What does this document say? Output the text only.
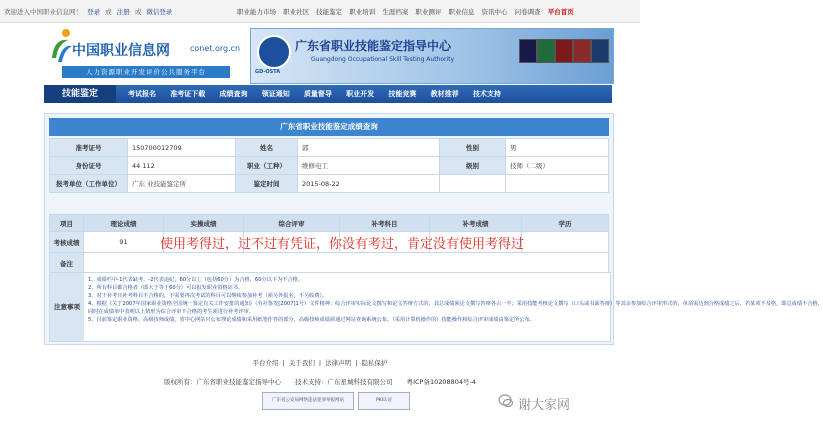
欢迎进入中国职业信息网！ 登录 或 注册 或 微信登录	职业能力市场 职业社区 技能鉴定 职业培训 生涯档案 职业测评 职业信息 资讯中心 问卷调查 平台首页
中国职业信息网	conet.org.cn
人力资源职业开发评价公共服务平台	GD-OSTA
广东省职业技能鉴定指导中心
Guangdong Occupational Skill Testing Authority
技能鉴定	考试报名 准考证下载 成绩查询 领证通知 质量督导 职业开发 技能竞赛 教材推荐 技术支持
广东省职业技能鉴定成绩查询
准考证号	150700012709	姓名	郭	性别	男
身份证号	44 112	职业（工种）	维修电工	级别	技师（二级）
报考单位（工作单位）	广东 业技能鉴定所	鉴定时间	2015-08-22		
项目	理论成绩	实操成绩	综合评审	补考科目	补考成绩	学历
考核成绩	91					
备注						
注意事项
1、成绩栏中-1代表缺考、-2代表违纪，60分以上（包括60分）为合格，60分以下为不合格。
2、所有科目都合格者（即大于等于60分）可以报发职业资格证书。
3、对于补考且补考科目不合格的，不需要再次考试的科目可以继续参加补考（须另外报名，不另收费）。
4、根据《关于2007年国家职业资格全国统一鉴定有关工作安排的通知》（劳社鉴发[2007]1号）文件精神：综合评审实际论文撰写和论文答辩方式的，其总成绩须论文撰写答辩各占一半；采用技能考核论文撰写（口头或书面答辩）等其余参加综合评审形式的，单项需达到合格成绩之后，若某项不及格，即总成绩不合格，
同时在成绩单中表明以上情形为综合评审不合格的考生须进行补考评审。
5、目前鉴定职业资格、高级技师成绩，省中心网站只公布理论成绩和采用纸笔作答的部分，高级技师成绩须通过网站查询系统公布。（采用计算机操作的）技能操作和综合评审成绩由鉴定所公布。
使用考得过，过不过有凭证，你没有考过，肯定没有使用考得过
平台介绍 | 关于我们 | 法律声明 | 隐私保护
版权所有：广东省职业技能鉴定指导中心 技术支持：广东星城科技有限公司 粤ICP备10208804号-4
广东省公安局网络违法犯罪举报网站	PKI认证	谢大家网
